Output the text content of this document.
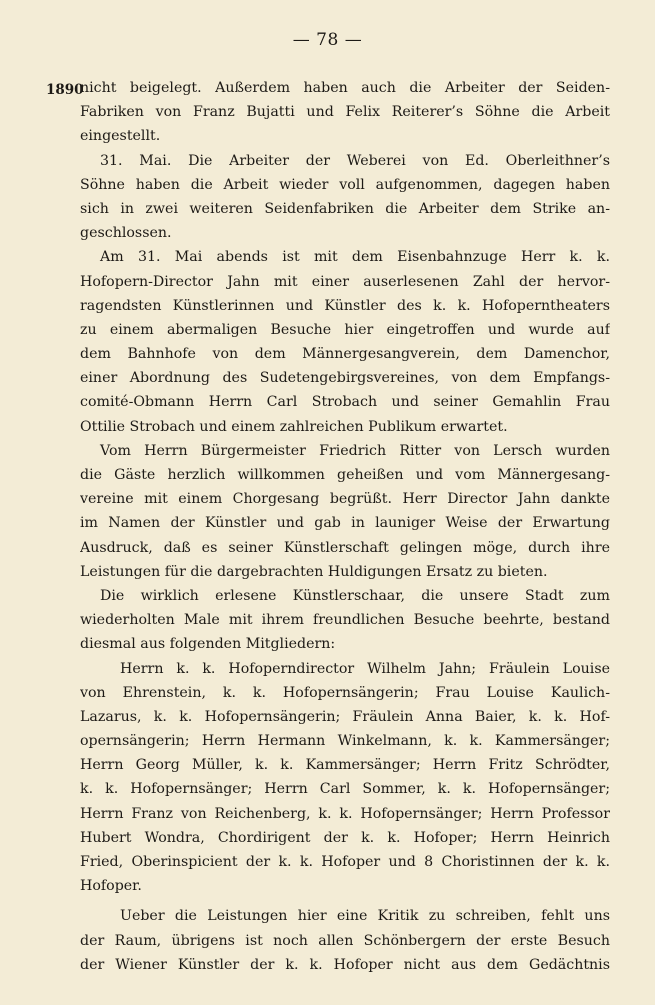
— 78 —
1890
nicht beigelegt. Außerdem haben auch die Arbeiter der Seiden-
Fabriken von Franz Bujatti und Felix Reiterer’s Söhne die Arbeit
eingestellt.
31. Mai. Die Arbeiter der Weberei von Ed. Oberleithner’s
Söhne haben die Arbeit wieder voll aufgenommen, dagegen haben
sich in zwei weiteren Seidenfabriken die Arbeiter dem Strike an-
geschlossen.
Am 31. Mai abends ist mit dem Eisenbahnzuge Herr k. k.
Hofopern-Director Jahn mit einer auserlesenen Zahl der hervor-
ragendsten Künstlerinnen und Künstler des k. k. Hofoperntheaters
zu einem abermaligen Besuche hier eingetroffen und wurde auf
dem Bahnhofe von dem Männergesangverein, dem Damenchor,
einer Abordnung des Sudetengebirgsvereines, von dem Empfangs-
comité-Obmann Herrn Carl Strobach und seiner Gemahlin Frau
Ottilie Strobach und einem zahlreichen Publikum erwartet.
Vom Herrn Bürgermeister Friedrich Ritter von Lersch wurden
die Gäste herzlich willkommen geheißen und vom Männergesang-
vereine mit einem Chorgesang begrüßt. Herr Director Jahn dankte
im Namen der Künstler und gab in launiger Weise der Erwartung
Ausdruck, daß es seiner Künstlerschaft gelingen möge, durch ihre
Leistungen für die dargebrachten Huldigungen Ersatz zu bieten.
Die wirklich erlesene Künstlerschaar, die unsere Stadt zum
wiederholten Male mit ihrem freundlichen Besuche beehrte, bestand
diesmal aus folgenden Mitgliedern:
Herrn k. k. Hofoperndirector Wilhelm Jahn; Fräulein Louise
von Ehrenstein, k. k. Hofopernsängerin; Frau Louise Kaulich-
Lazarus, k. k. Hofopernsängerin; Fräulein Anna Baier, k. k. Hof-
opernsängerin; Herrn Hermann Winkelmann, k. k. Kammersänger;
Herrn Georg Müller, k. k. Kammersänger; Herrn Fritz Schrödter,
k. k. Hofopernsänger; Herrn Carl Sommer, k. k. Hofopernsänger;
Herrn Franz von Reichenberg, k. k. Hofopernsänger; Herrn Professor
Hubert Wondra, Chordirigent der k. k. Hofoper; Herrn Heinrich
Fried, Oberinspicient der k. k. Hofoper und 8 Choristinnen der k. k.
Hofoper.
Ueber die Leistungen hier eine Kritik zu schreiben, fehlt uns
der Raum, übrigens ist noch allen Schönbergern der erste Besuch
der Wiener Künstler der k. k. Hofoper nicht aus dem Gedächtnis
